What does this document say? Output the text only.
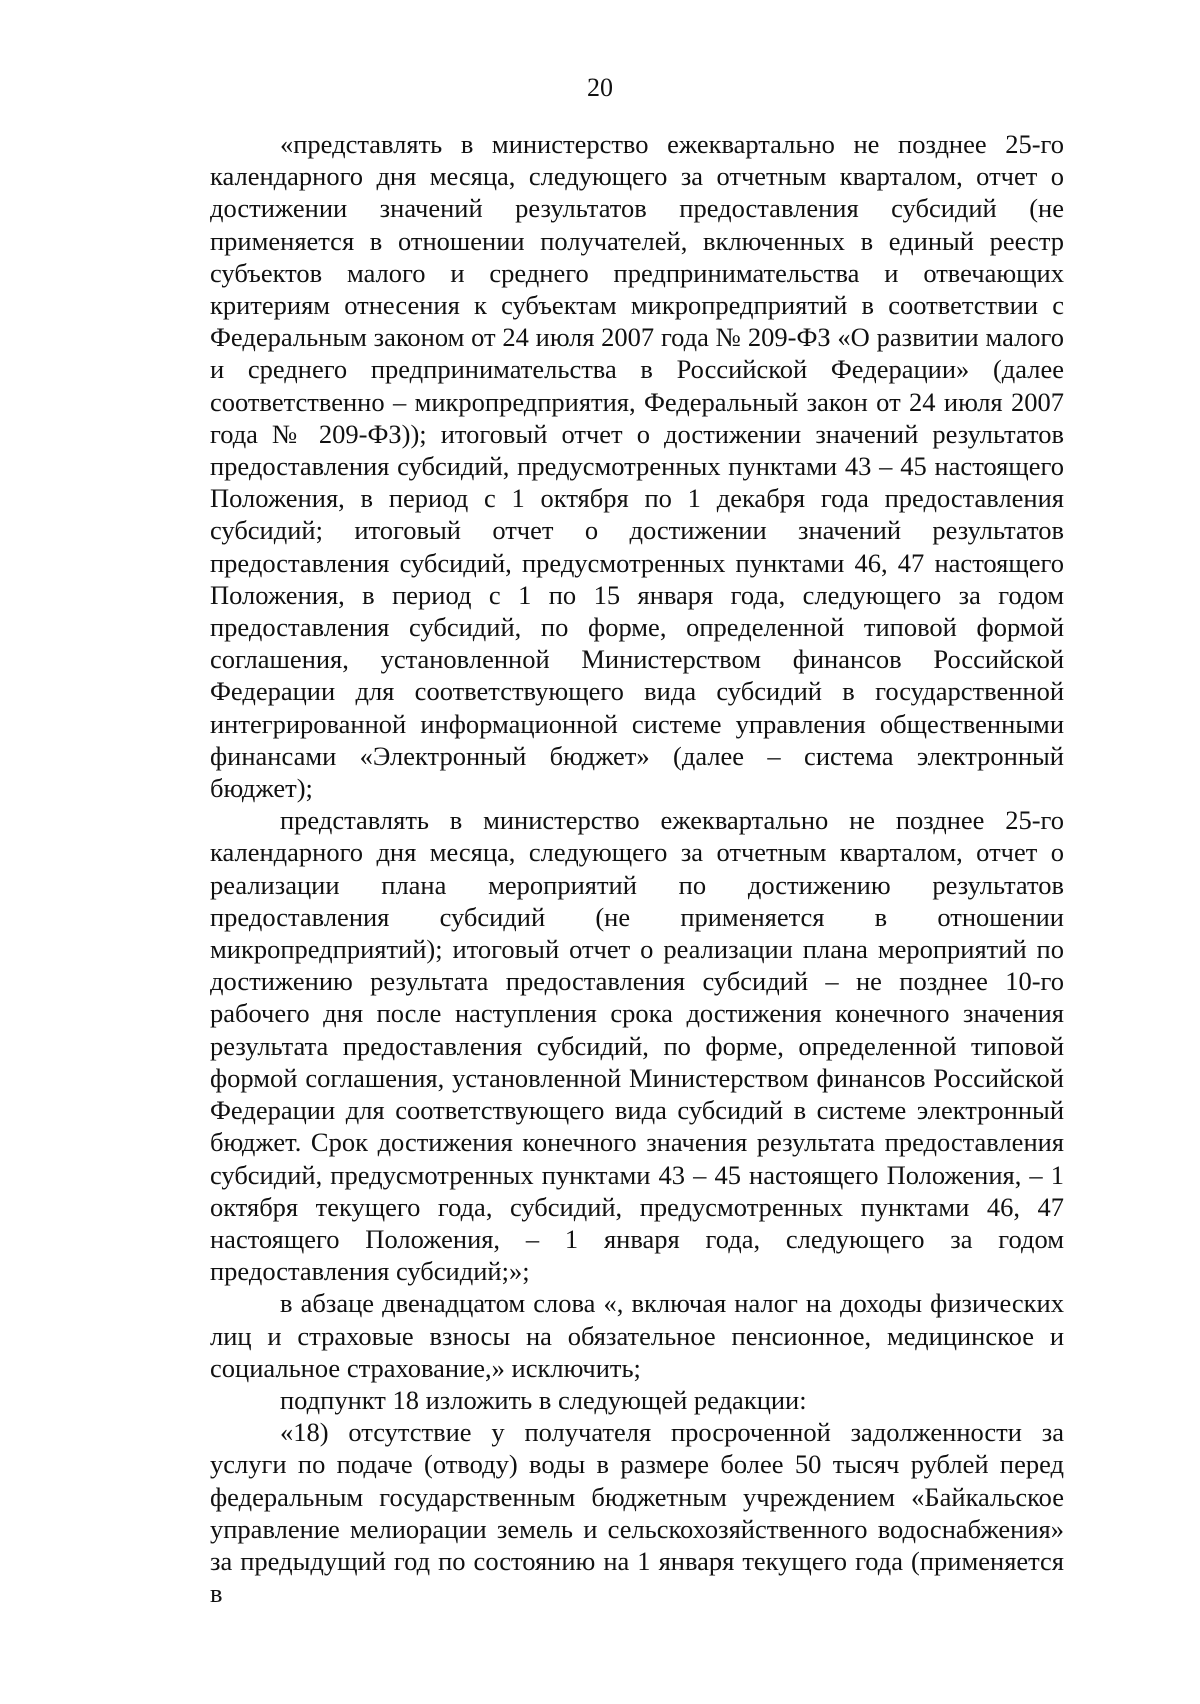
20

«представлять в министерство ежеквартально не позднее 25-го календарного дня месяца, следующего за отчетным кварталом, отчет о достижении значений результатов предоставления субсидий (не применяется в отношении получателей, включенных в единый реестр субъектов малого и среднего предпринимательства и отвечающих критериям отнесения к субъектам микропредприятий в соответствии с Федеральным законом от 24 июля 2007 года № 209-ФЗ «О развитии малого и среднего предпринимательства в Российской Федерации» (далее соответственно – микропредприятия, Федеральный закон от 24 июля 2007 года № 209-ФЗ)); итоговый отчет о достижении значений результатов предоставления субсидий, предусмотренных пунктами 43 – 45 настоящего Положения, в период с 1 октября по 1 декабря года предоставления субсидий; итоговый отчет о достижении значений результатов предоставления субсидий, предусмотренных пунктами 46, 47 настоящего Положения, в период с 1 по 15 января года, следующего за годом предоставления субсидий, по форме, определенной типовой формой соглашения, установленной Министерством финансов Российской Федерации для соответствующего вида субсидий в государственной интегрированной информационной системе управления общественными финансами «Электронный бюджет» (далее – система электронный бюджет);

представлять в министерство ежеквартально не позднее 25-го календарного дня месяца, следующего за отчетным кварталом, отчет о реализации плана мероприятий по достижению результатов предоставления субсидий (не применяется в отношении микропредприятий); итоговый отчет о реализации плана мероприятий по достижению результата предоставления субсидий – не позднее 10-го рабочего дня после наступления срока достижения конечного значения результата предоставления субсидий, по форме, определенной типовой формой соглашения, установленной Министерством финансов Российской Федерации для соответствующего вида субсидий в системе электронный бюджет. Срок достижения конечного значения результата предоставления субсидий, предусмотренных пунктами 43 – 45 настоящего Положения, – 1 октября текущего года, субсидий, предусмотренных пунктами 46, 47 настоящего Положения, – 1 января года, следующего за годом предоставления субсидий;»;

в абзаце двенадцатом слова «, включая налог на доходы физических лиц и страховые взносы на обязательное пенсионное, медицинское и социальное страхование,» исключить;

подпункт 18 изложить в следующей редакции:

«18) отсутствие у получателя просроченной задолженности за услуги по подаче (отводу) воды в размере более 50 тысяч рублей перед федеральным государственным бюджетным учреждением «Байкальское управление мелиорации земель и сельскохозяйственного водоснабжения» за предыдущий год по состоянию на 1 января текущего года (применяется в
